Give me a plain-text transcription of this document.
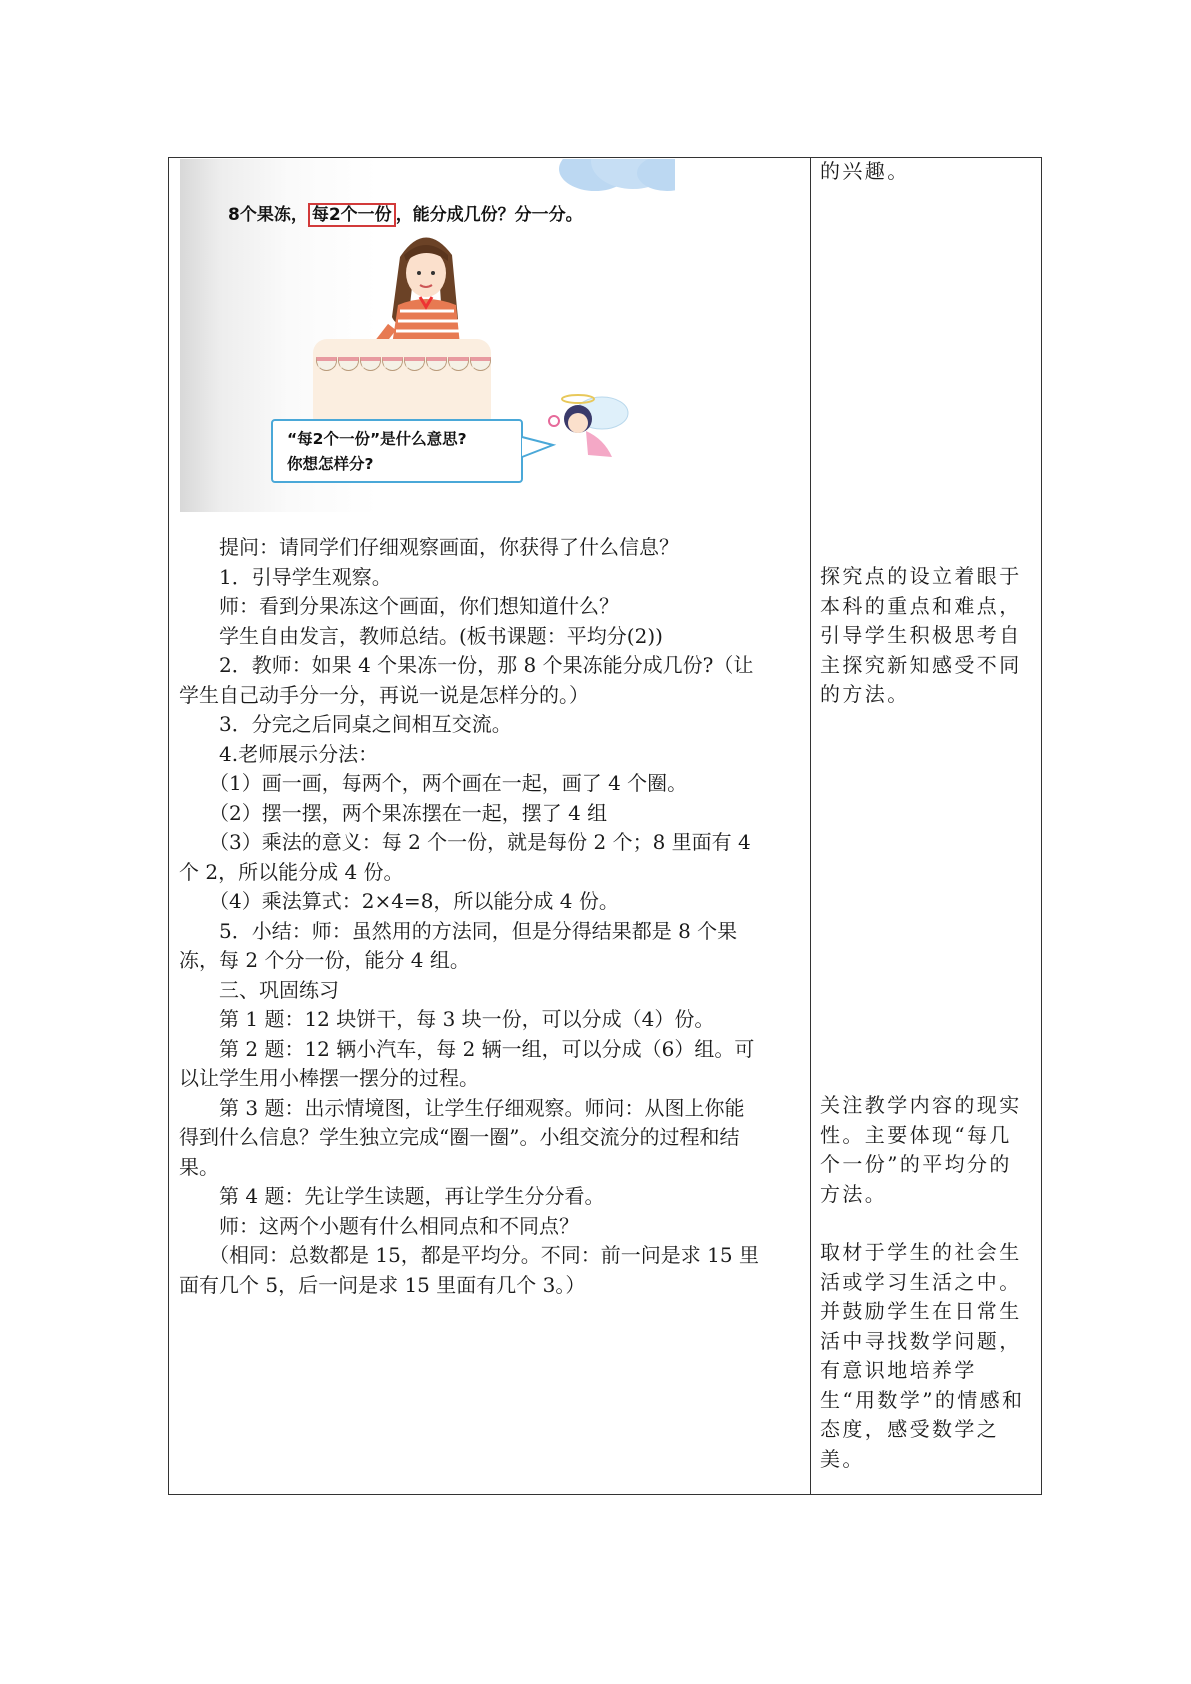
8个果冻， 每2个一份 ，能分成几份？分一分。
“每2个一份”是什么意思?
你想怎样分?

提问：请同学们仔细观察画面，你获得了什么信息？

1．引导学生观察。

师：看到分果冻这个画面，你们想知道什么？

学生自由发言，教师总结。(板书课题：平均分(2))

2．教师：如果 4 个果冻一份，那 8 个果冻能分成几份?（让学生自己动手分一分，再说一说是怎样分的。）

3．分完之后同桌之间相互交流。

4.老师展示分法：

（1）画一画，每两个，两个画在一起，画了 4 个圈。

（2）摆一摆，两个果冻摆在一起，摆了 4 组

（3）乘法的意义：每 2 个一份，就是每份 2 个；8 里面有 4 个 2，所以能分成 4 份。

（4）乘法算式：2×4=8，所以能分成 4 份。

5．小结：师：虽然用的方法同，但是分得结果都是 8 个果冻，每 2 个分一份，能分 4 组。

三、巩固练习

第 1 题：12 块饼干，每 3 块一份，可以分成（4）份。

第 2 题：12 辆小汽车，每 2 辆一组，可以分成（6）组。可以让学生用小棒摆一摆分的过程。

第 3 题：出示情境图，让学生仔细观察。师问：从图上你能得到什么信息？学生独立完成“圈一圈”。小组交流分的过程和结果。

第 4 题：先让学生读题，再让学生分分看。

师：这两个小题有什么相同点和不同点？

（相同：总数都是 15，都是平均分。不同：前一问是求 15 里面有几个 5，后一问是求 15 里面有几个 3。）

的兴趣。

探究点的设立着眼于本科的重点和难点，引导学生积极思考自主探究新知感受不同的方法。

关注教学内容的现实性。主要体现“每几个一份”的平均分的方法。

取材于学生的社会生活或学习生活之中。并鼓励学生在日常生活中寻找数学问题，有意识地培养学生“用数学”的情感和态度，感受数学之美。
